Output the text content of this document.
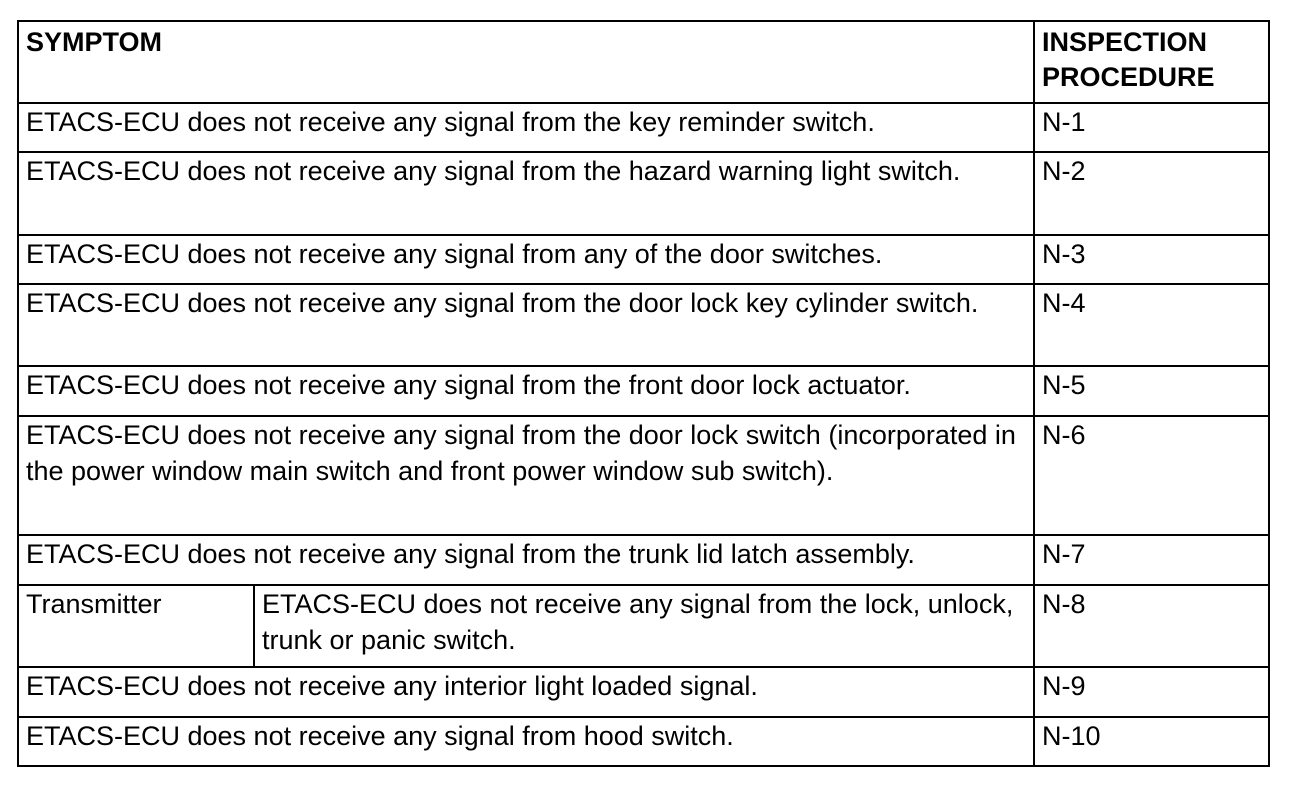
SYMPTOM		INSPECTION
PROCEDURE
ETACS-ECU does not receive any signal from the key reminder switch.		N-1
ETACS-ECU does not receive any signal from the hazard warning light switch.		N-2
ETACS-ECU does not receive any signal from any of the door switches.		N-3
ETACS-ECU does not receive any signal from the door lock key cylinder switch.		N-4
ETACS-ECU does not receive any signal from the front door lock actuator.		N-5
ETACS-ECU does not receive any signal from the door lock switch (incorporated in the power window main switch and front power window sub switch).		N-6
ETACS-ECU does not receive any signal from the trunk lid latch assembly.		N-7
Transmitter	ETACS-ECU does not receive any signal from the lock, unlock, trunk or panic switch.	N-8
ETACS-ECU does not receive any interior light loaded signal.		N-9
ETACS-ECU does not receive any signal from hood switch.		N-10
